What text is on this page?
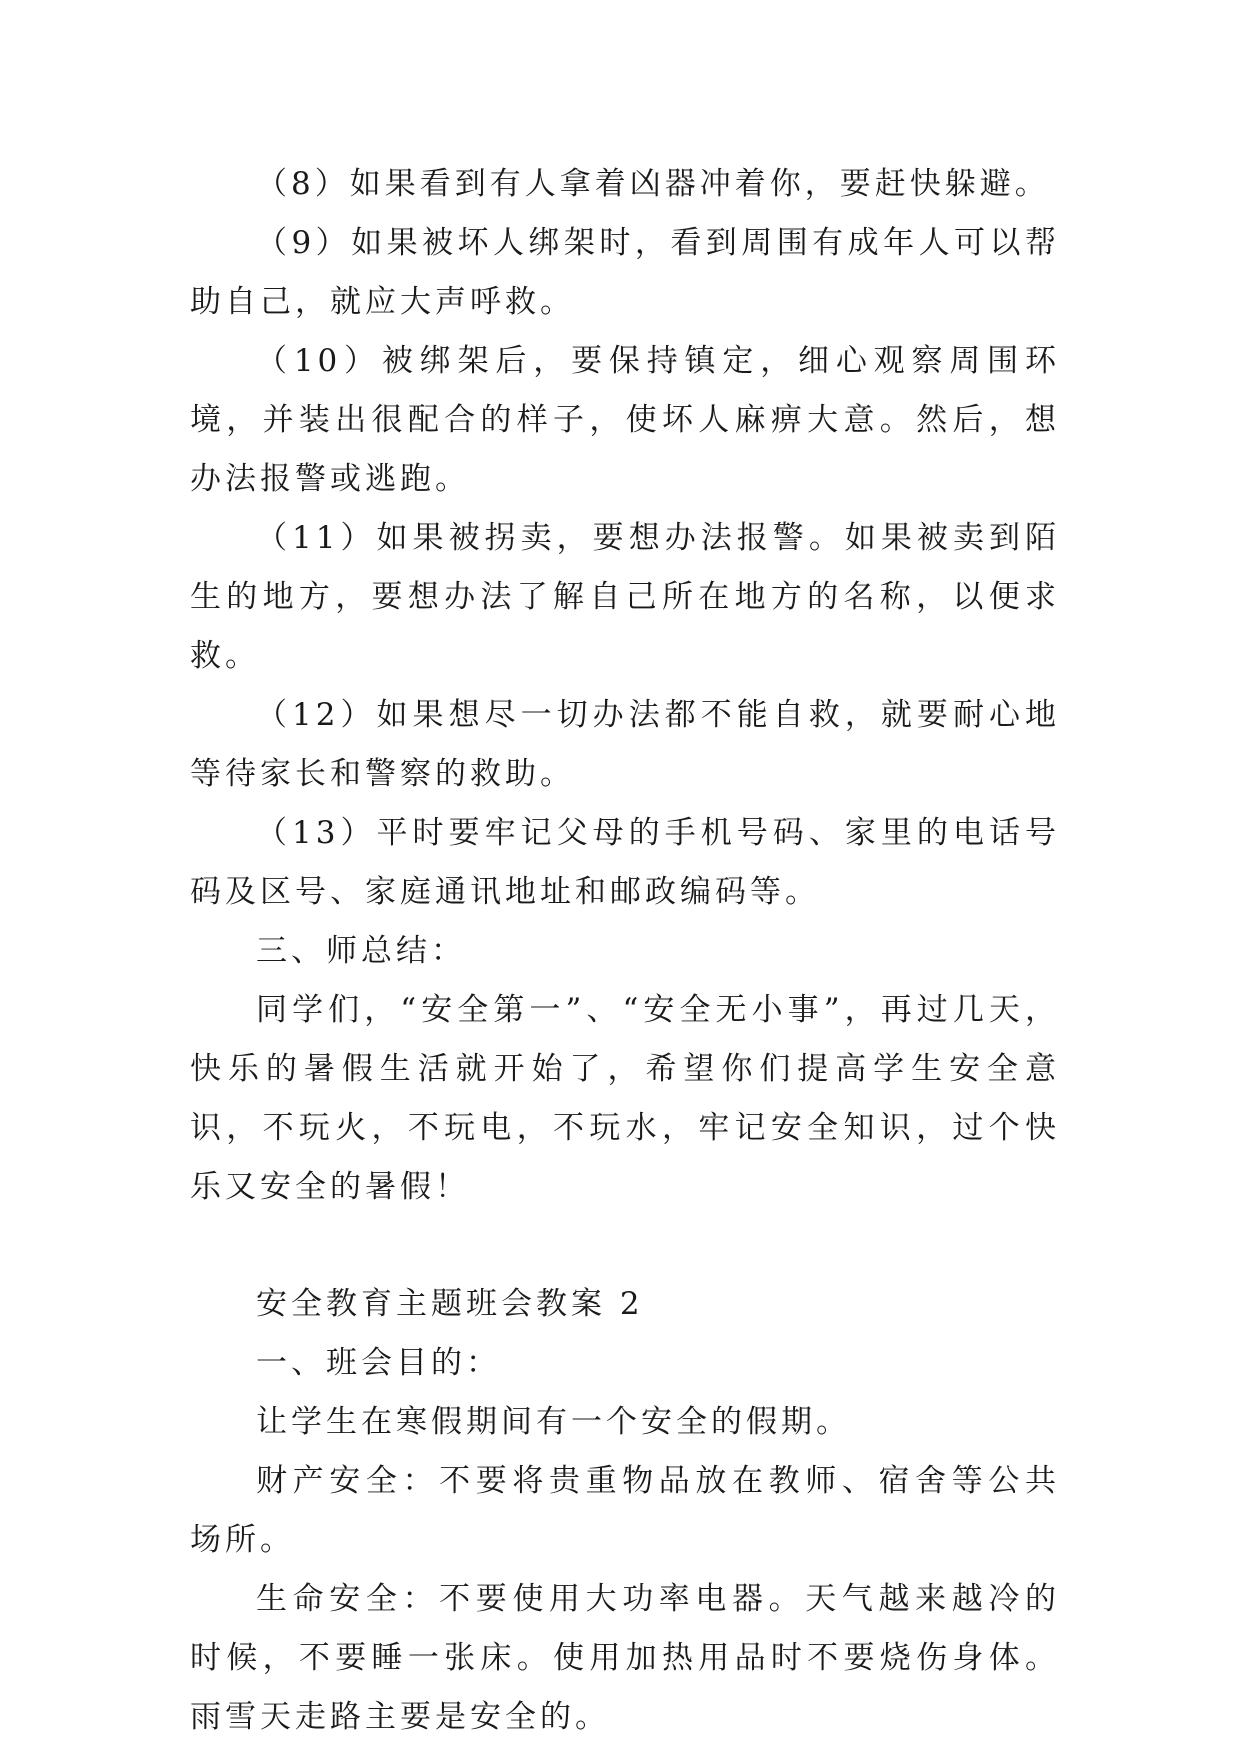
（8）如果看到有人拿着凶器冲着你，要赶快躲避。

（9）如果被坏人绑架时，看到周围有成年人可以帮助自己，就应大声呼救。

（10）被绑架后，要保持镇定，细心观察周围环境，并装出很配合的样子，使坏人麻痹大意。然后，想办法报警或逃跑。

（11）如果被拐卖，要想办法报警。如果被卖到陌生的地方，要想办法了解自己所在地方的名称，以便求救。

（12）如果想尽一切办法都不能自救，就要耐心地等待家长和警察的救助。

（13）平时要牢记父母的手机号码、家里的电话号码及区号、家庭通讯地址和邮政编码等。

三、师总结：

同学们，“安全第一”、“安全无小事”，再过几天，快乐的暑假生活就开始了，希望你们提高学生安全意识，不玩火，不玩电，不玩水，牢记安全知识，过个快乐又安全的暑假！

安全教育主题班会教案 2

一、班会目的：

让学生在寒假期间有一个安全的假期。

财产安全：不要将贵重物品放在教师、宿舍等公共场所。

生命安全：不要使用大功率电器。天气越来越冷的时候，不要睡一张床。使用加热用品时不要烧伤身体。雨雪天走路主要是安全的。
